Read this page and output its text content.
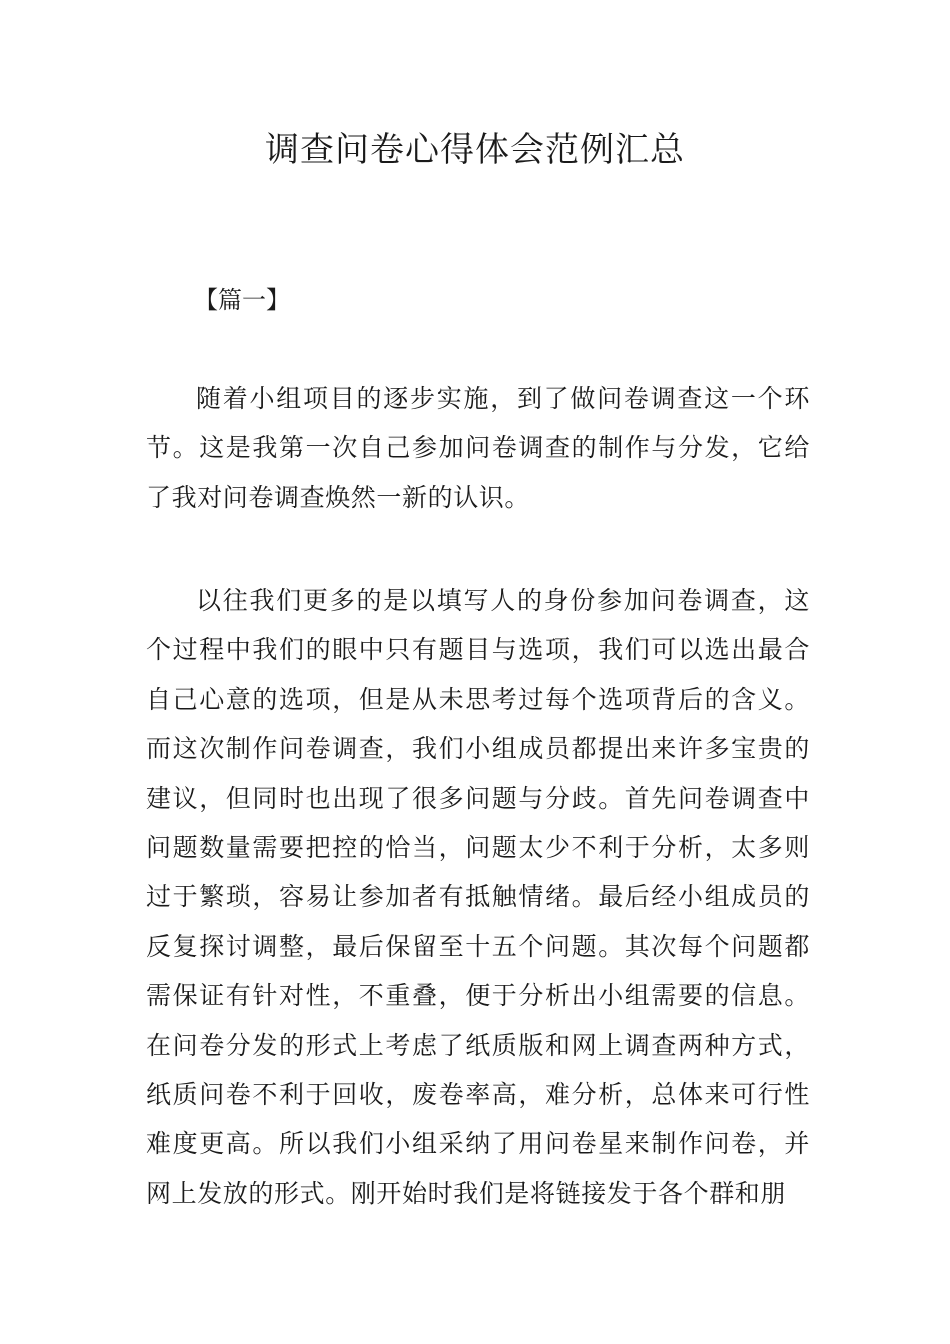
调查问卷心得体会范例汇总

【篇一】

随着小组项目的逐步实施，到了做问卷调查这一个环节。这是我第一次自己参加问卷调查的制作与分发，它给了我对问卷调查焕然一新的认识。

以往我们更多的是以填写人的身份参加问卷调查，这个过程中我们的眼中只有题目与选项，我们可以选出最合自己心意的选项，但是从未思考过每个选项背后的含义。而这次制作问卷调查，我们小组成员都提出来许多宝贵的建议，但同时也出现了很多问题与分歧。首先问卷调查中问题数量需要把控的恰当，问题太少不利于分析，太多则过于繁琐，容易让参加者有抵触情绪。最后经小组成员的反复探讨调整，最后保留至十五个问题。其次每个问题都需保证有针对性，不重叠，便于分析出小组需要的信息。在问卷分发的形式上考虑了纸质版和网上调查两种方式，纸质问卷不利于回收，废卷率高，难分析，总体来可行性难度更高。所以我们小组采纳了用问卷星来制作问卷，并网上发放的形式。刚开始时我们是将链接发于各个群和朋
